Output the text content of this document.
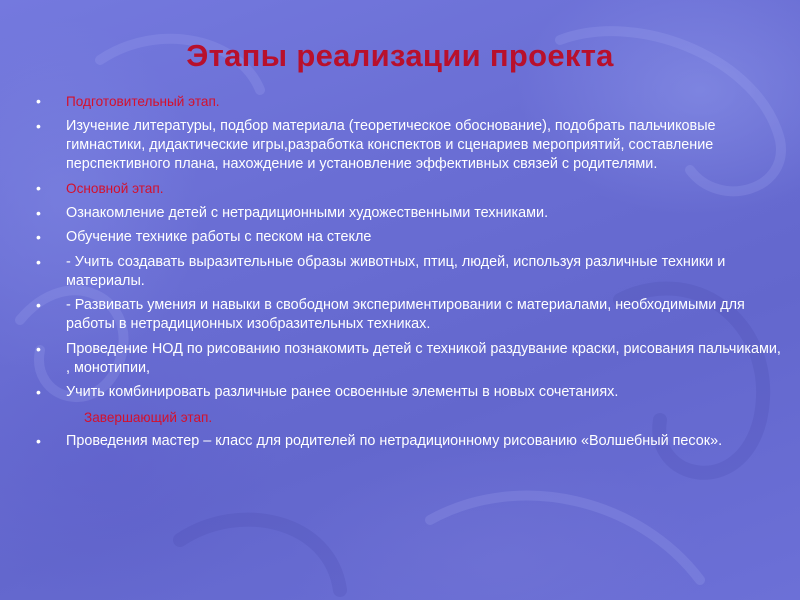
Этапы реализации проекта
•	Подготовительный этап.
•	Изучение литературы, подбор материала (теоретическое обоснование), подобрать пальчиковые гимнастики, дидактические игры,разработка конспектов и сценариев мероприятий, составление перспективного плана, нахождение и установление эффективных связей с родителями.
•	Основной этап.
•	Ознакомление детей с нетрадиционными художественными техниками.
•	Обучение технике работы с песком на стекле
•	- Учить создавать выразительные образы животных, птиц, людей, используя различные техники и материалы.
•	- Развивать умения и навыки в свободном экспериментировании с материалами, необходимыми для работы в нетрадиционных изобразительных техниках.
•	Проведение НОД по рисованию познакомить детей с техникой раздувание краски, рисования пальчиками, , монотипии,
•	Учить комбинировать различные ранее освоенные элементы в новых сочетаниях.
Завершающий этап.
•	Проведения мастер – класс для родителей по нетрадиционному рисованию «Волшебный песок».
